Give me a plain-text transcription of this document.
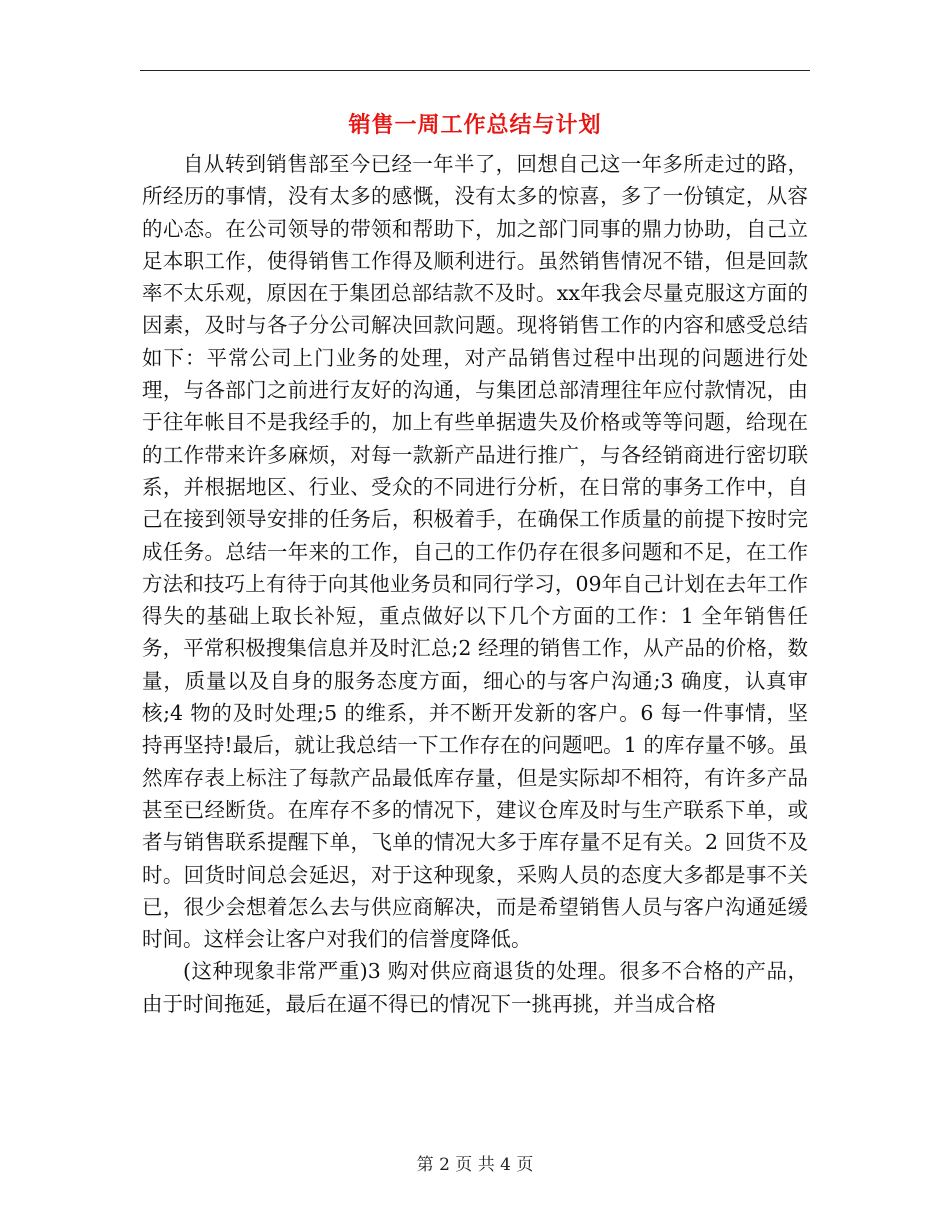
销售一周工作总结与计划

自从转到销售部至今已经一年半了，回想自己这一年多所走过的路，所经历的事情，没有太多的感慨，没有太多的惊喜，多了一份镇定，从容的心态。在公司领导的带领和帮助下，加之部门同事的鼎力协助，自己立足本职工作，使得销售工作得及顺利进行。虽然销售情况不错，但是回款率不太乐观，原因在于集团总部结款不及时。xx年我会尽量克服这方面的因素，及时与各子分公司解决回款问题。现将销售工作的内容和感受总结如下：平常公司上门业务的处理，对产品销售过程中出现的问题进行处理，与各部门之前进行友好的沟通，与集团总部清理往年应付款情况，由于往年帐目不是我经手的，加上有些单据遗失及价格或等等问题，给现在的工作带来许多麻烦，对每一款新产品进行推广，与各经销商进行密切联系，并根据地区、行业、受众的不同进行分析，在日常的事务工作中，自己在接到领导安排的任务后，积极着手，在确保工作质量的前提下按时完成任务。总结一年来的工作，自己的工作仍存在很多问题和不足，在工作方法和技巧上有待于向其他业务员和同行学习，09年自己计划在去年工作得失的基础上取长补短，重点做好以下几个方面的工作：1 全年销售任务，平常积极搜集信息并及时汇总;2 经理的销售工作，从产品的价格，数量，质量以及自身的服务态度方面，细心的与客户沟通;3 确度，认真审核;4 物的及时处理;5 的维系，并不断开发新的客户。6 每一件事情，坚持再坚持!最后，就让我总结一下工作存在的问题吧。1 的库存量不够。虽然库存表上标注了每款产品最低库存量，但是实际却不相符，有许多产品甚至已经断货。在库存不多的情况下，建议仓库及时与生产联系下单，或者与销售联系提醒下单，飞单的情况大多于库存量不足有关。2 回货不及时。回货时间总会延迟，对于这种现象，采购人员的态度大多都是事不关已，很少会想着怎么去与供应商解决，而是希望销售人员与客户沟通延缓时间。这样会让客户对我们的信誉度降低。

(这种现象非常严重)3 购对供应商退货的处理。很多不合格的产品，由于时间拖延，最后在逼不得已的情况下一挑再挑，并当成合格

第 2 页 共 4 页
